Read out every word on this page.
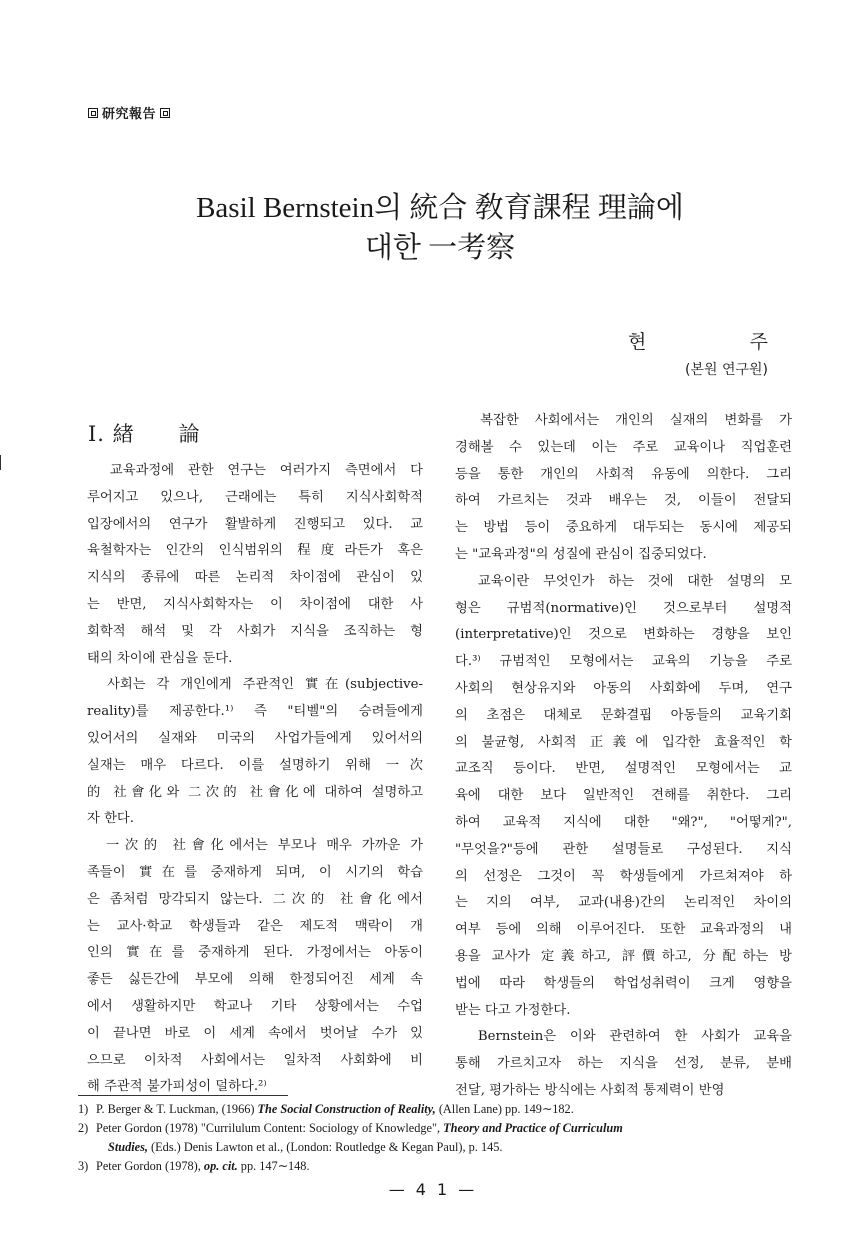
研究報告
Basil Bernstein의 統合 敎育課程 理論에
대한 一考察
현	주
(본원 연구원)
Ⅰ. 緖　　論
　교육과정에 관한 연구는 여러가지 측면에서 다
루어지고 있으나, 근래에는 특히 지식사회학적
입장에서의 연구가 활발하게 진행되고 있다. 교
육철학자는 인간의 인식범위의 程度라든가 혹은
지식의 종류에 따른 논리적 차이점에 관심이 있
는 반면, 지식사회학자는 이 차이점에 대한 사
회학적 해석 및 각 사회가 지식을 조직하는 형
태의 차이에 관심을 둔다.
　사회는 각 개인에게 주관적인 實在(subjective-
reality)를 제공한다.¹⁾ 즉 "티벨"의 승려들에게
있어서의 실재와 미국의 사업가들에게 있어서의
실재는 매우 다르다. 이를 설명하기 위해 一次
的 社會化와 二次的 社會化에 대하여 설명하고
자 한다.
　一次的 社會化에서는 부모나 매우 가까운 가
족들이 實在를 중재하게 되며, 이 시기의 학습
은 좀처럼 망각되지 않는다. 二次的 社會化에서
는 교사·학교 학생들과 같은 제도적 맥락이 개
인의 實在를 중재하게 된다. 가정에서는 아동이
좋든 싫든간에 부모에 의해 한정되어진 세계 속
에서 생활하지만 학교나 기타 상황에서는 수업
이 끝나면 바로 이 세계 속에서 벗어날 수가 있
으므로 이차적 사회에서는 일차적 사회화에 비
해 주관적 불가피성이 덜하다.²⁾
　복잡한 사회에서는 개인의 실재의 변화를 가
경해볼 수 있는데 이는 주로 교육이나 직업훈련
등을 통한 개인의 사회적 유동에 의한다. 그리
하여 가르치는 것과 배우는 것, 이들이 전달되
는 방법 등이 중요하게 대두되는 동시에 제공되
는 "교육과정"의 성질에 관심이 집중되었다.
　교육이란 무엇인가 하는 것에 대한 설명의 모
형은 규범적(normative)인 것으로부터 설명적
(interpretative)인 것으로 변화하는 경향을 보인
다.³⁾ 규범적인 모형에서는 교육의 기능을 주로
사회의 현상유지와 아동의 사회화에 두며, 연구
의 초점은 대체로 문화결핍 아동들의 교육기회
의 불균형, 사회적 正義에 입각한 효율적인 학
교조직 등이다. 반면, 설명적인 모형에서는 교
육에 대한 보다 일반적인 견해를 취한다. 그리
하여 교육적 지식에 대한 "왜?", "어떻게?",
"무엇을?"등에 관한 설명들로 구성된다. 지식
의 선정은 그것이 꼭 학생들에게 가르쳐져야 하
는 지의 여부, 교과(내용)간의 논리적인 차이의
여부 등에 의해 이루어진다. 또한 교육과정의 내
용을 교사가 定義하고, 評價하고, 分配하는 방
법에 따라 학생들의 학업성취력이 크게 영향을
받는 다고 가정한다.
　Bernstein은 이와 관련하여 한 사회가 교육을
통해 가르치고자 하는 지식을 선정, 분류, 분배
전달, 평가하는 방식에는 사회적 통제력이 반영
1) P. Berger & T. Luckman, (1966) The Social Construction of Reality, (Allen Lane) pp. 149∼182.
2) Peter Gordon (1978) "Currilulum Content: Sociology of Knowledge", Theory and Practice of Curriculum
Studies, (Eds.) Denis Lawton et al., (London: Routledge & Kegan Paul), p. 145.
3) Peter Gordon (1978), op. cit. pp. 147∼148.
— 4 1 —
